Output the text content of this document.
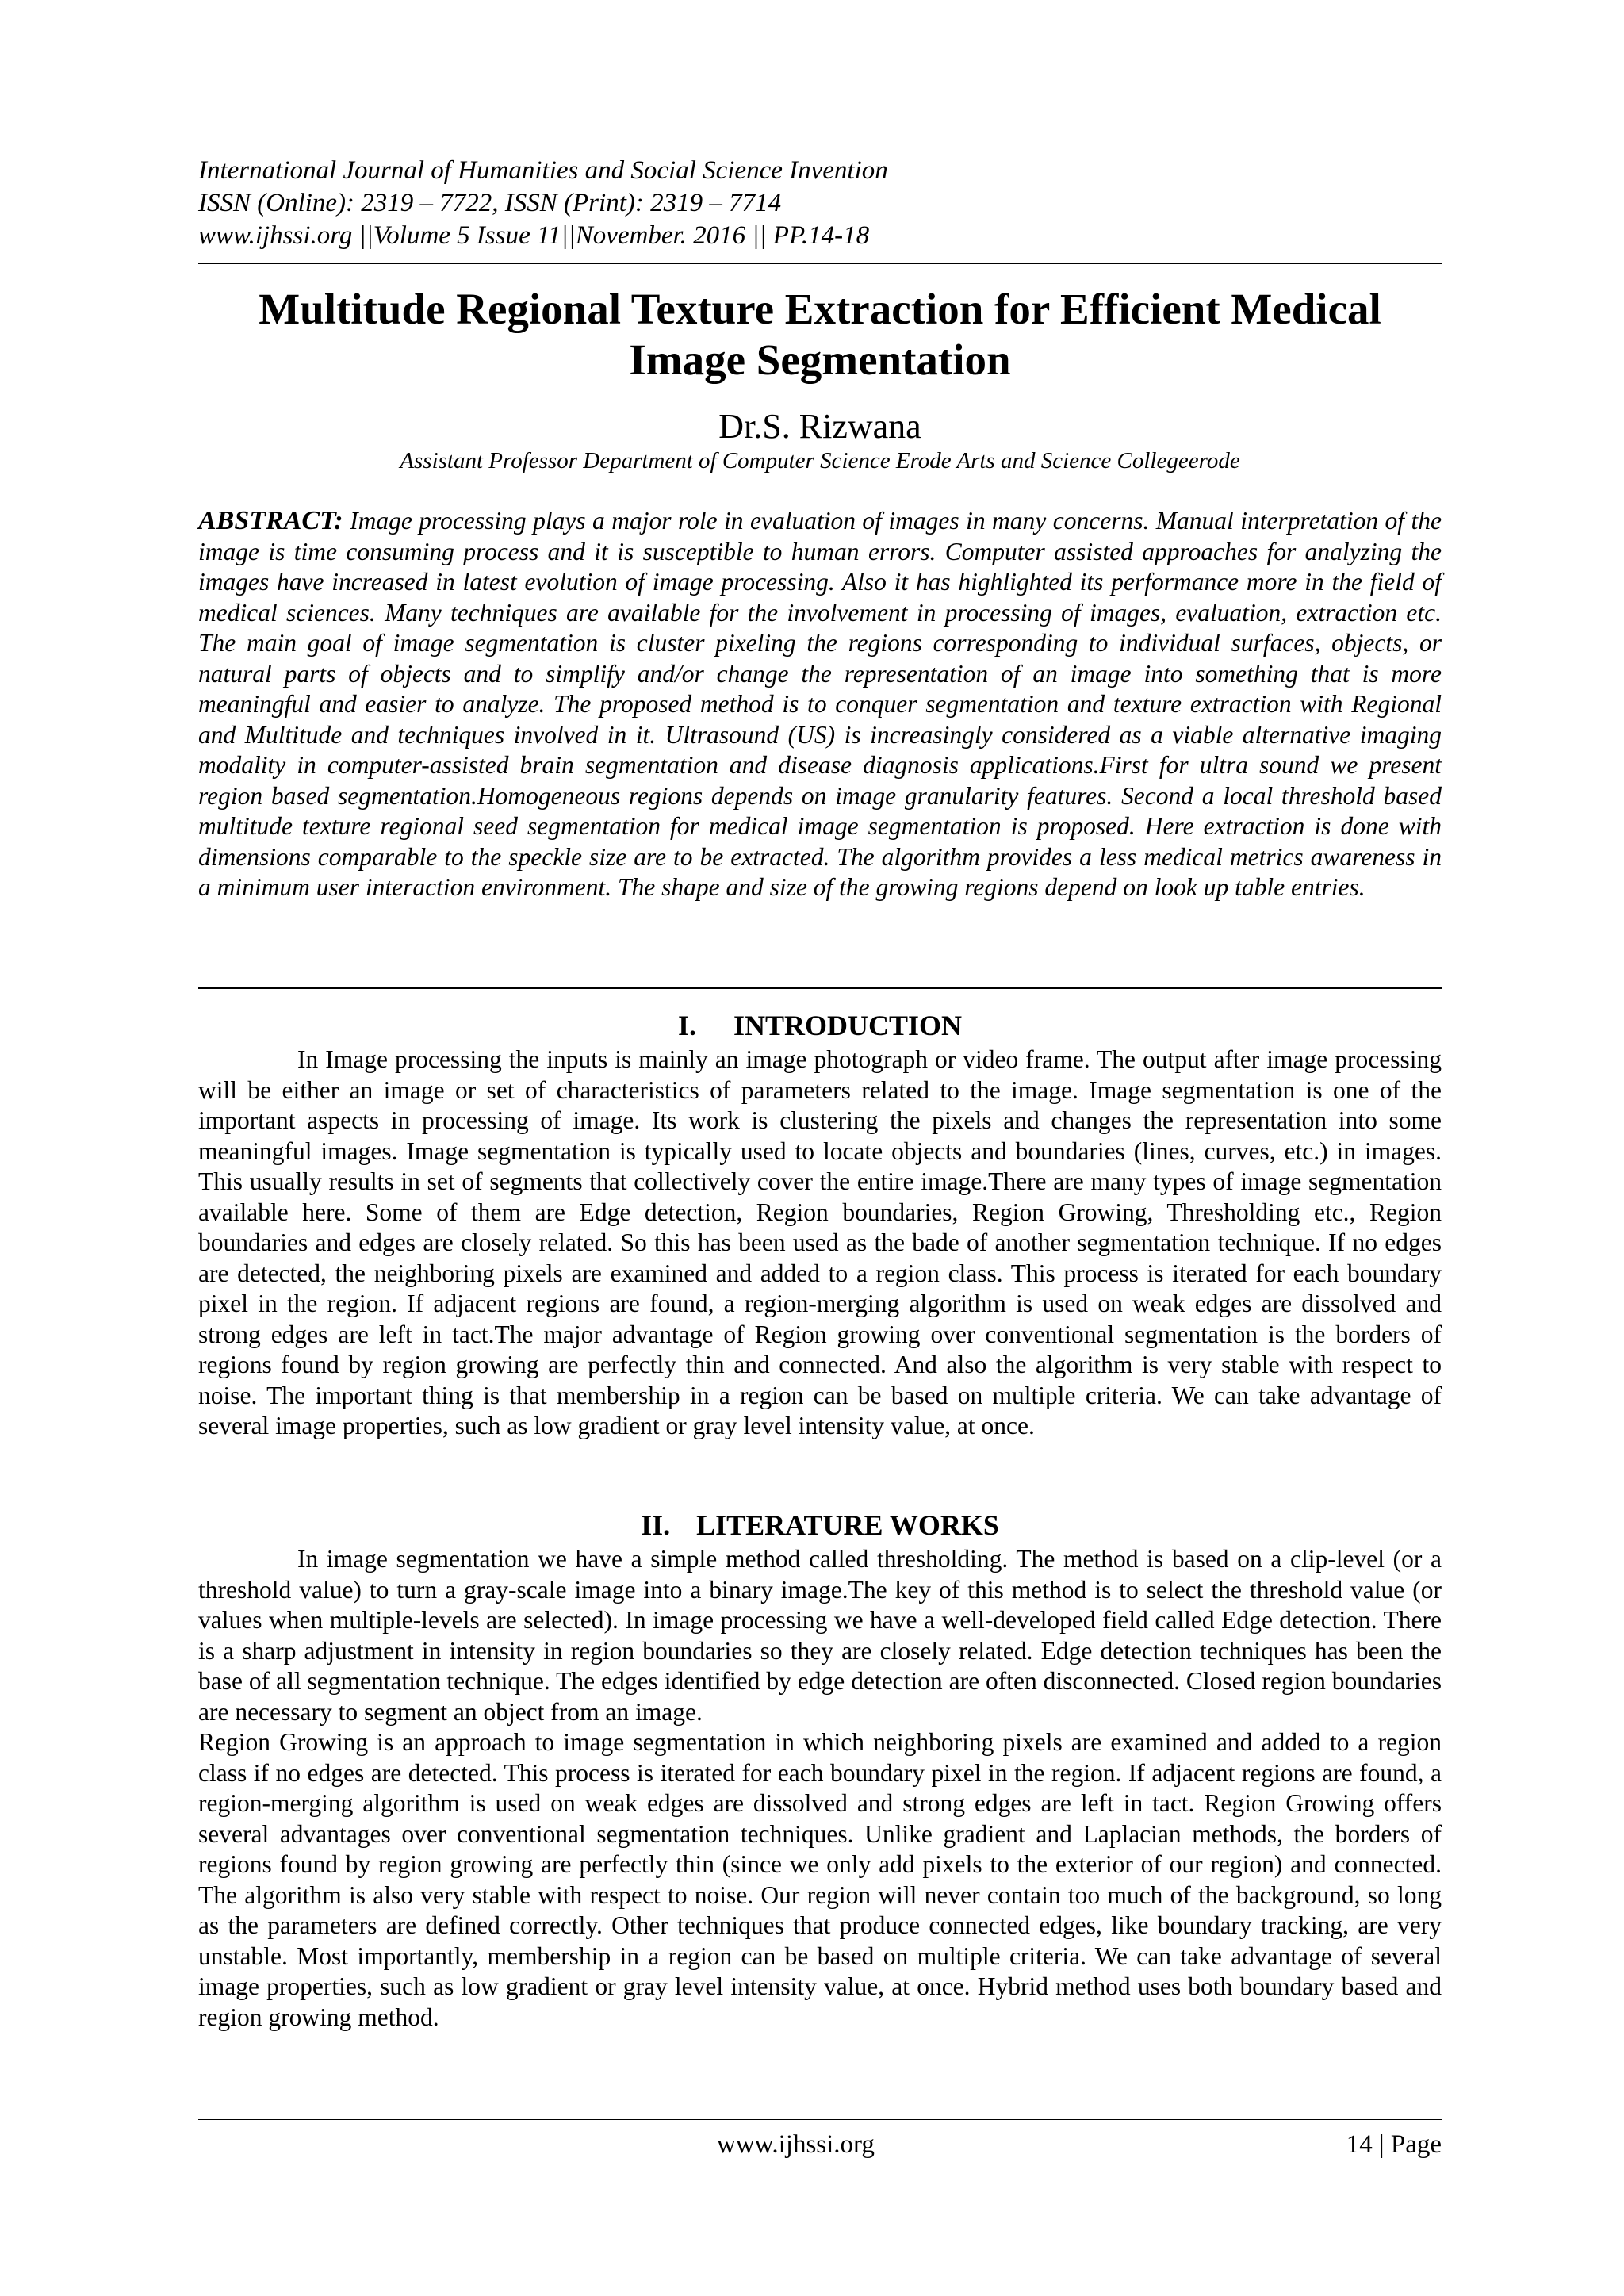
International Journal of Humanities and Social Science Invention
ISSN (Online): 2319 – 7722, ISSN (Print): 2319 – 7714
www.ijhssi.org ||Volume 5 Issue 11||November. 2016 || PP.14-18
Multitude Regional Texture Extraction for Efficient Medical
Image Segmentation
Dr.S. Rizwana
Assistant Professor Department of Computer Science Erode Arts and Science Collegeerode
ABSTRACT: Image processing plays a major role in evaluation of images in many concerns. Manual interpretation of the image is time consuming process and it is susceptible to human errors. Computer assisted approaches for analyzing the images have increased in latest evolution of image processing. Also it has highlighted its performance more in the field of medical sciences. Many techniques are available for the involvement in processing of images, evaluation, extraction etc. The main goal of image segmentation is cluster pixeling the regions corresponding to individual surfaces, objects, or natural parts of objects and to simplify and/or change the representation of an image into something that is more meaningful and easier to analyze. The proposed method is to conquer segmentation and texture extraction with Regional and Multitude and techniques involved in it. Ultrasound (US) is increasingly considered as a viable alternative imaging modality in computer-assisted brain segmentation and disease diagnosis applications.First for ultra sound we present region based segmentation.Homogeneous regions depends on image granularity features. Second a local threshold based multitude texture regional seed segmentation for medical image segmentation is proposed. Here extraction is done with dimensions comparable to the speckle size are to be extracted. The algorithm provides a less medical metrics awareness in a minimum user interaction environment. The shape and size of the growing regions depend on look up table entries.
I. INTRODUCTION

In Image processing the inputs is mainly an image photograph or video frame. The output after image processing will be either an image or set of characteristics of parameters related to the image. Image segmentation is one of the important aspects in processing of image. Its work is clustering the pixels and changes the representation into some meaningful images. Image segmentation is typically used to locate objects and boundaries (lines, curves, etc.) in images. This usually results in set of segments that collectively cover the entire image.There are many types of image segmentation available here. Some of them are Edge detection, Region boundaries, Region Growing, Thresholding etc., Region boundaries and edges are closely related. So this has been used as the bade of another segmentation technique. If no edges are detected, the neighboring pixels are examined and added to a region class. This process is iterated for each boundary pixel in the region. If adjacent regions are found, a region-merging algorithm is used on weak edges are dissolved and strong edges are left in tact.The major advantage of Region growing over conventional segmentation is the borders of regions found by region growing are perfectly thin and connected. And also the algorithm is very stable with respect to noise. The important thing is that membership in a region can be based on multiple criteria. We can take advantage of several image properties, such as low gradient or gray level intensity value, at once.

II. LITERATURE WORKS

In image segmentation we have a simple method called thresholding. The method is based on a clip-level (or a threshold value) to turn a gray-scale image into a binary image.The key of this method is to select the threshold value (or values when multiple-levels are selected). In image processing we have a well-developed field called Edge detection. There is a sharp adjustment in intensity in region boundaries so they are closely related. Edge detection techniques has been the base of all segmentation technique. The edges identified by edge detection are often disconnected. Closed region boundaries are necessary to segment an object from an image.

Region Growing is an approach to image segmentation in which neighboring pixels are examined and added to a region class if no edges are detected. This process is iterated for each boundary pixel in the region. If adjacent regions are found, a region-merging algorithm is used on weak edges are dissolved and strong edges are left in tact. Region Growing offers several advantages over conventional segmentation techniques. Unlike gradient and Laplacian methods, the borders of regions found by region growing are perfectly thin (since we only add pixels to the exterior of our region) and connected. The algorithm is also very stable with respect to noise. Our region will never contain too much of the background, so long as the parameters are defined correctly. Other techniques that produce connected edges, like boundary tracking, are very unstable. Most importantly, membership in a region can be based on multiple criteria. We can take advantage of several image properties, such as low gradient or gray level intensity value, at once. Hybrid method uses both boundary based and region growing method.

www.ijhssi.org	14 | Page
